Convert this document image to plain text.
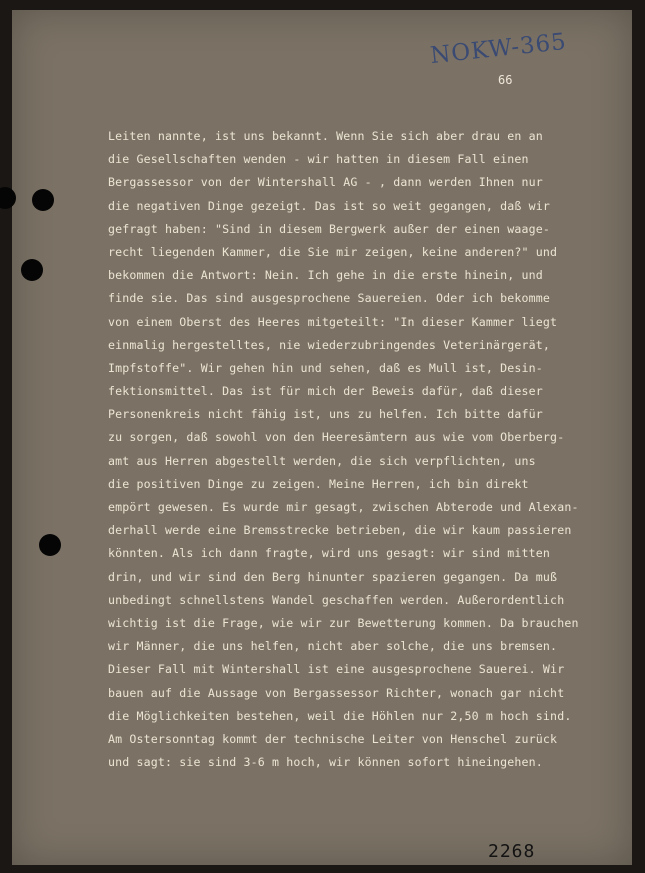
NOKW-365
66
Leiten nannte, ist uns bekannt. Wenn Sie sich aber drau en an
die Gesellschaften wenden - wir hatten in diesem Fall einen
Bergassessor von der Wintershall AG - , dann werden Ihnen nur
die negativen Dinge gezeigt. Das ist so weit gegangen, daß wir
gefragt haben: "Sind in diesem Bergwerk außer der einen waage-
recht liegenden Kammer, die Sie mir zeigen, keine anderen?" und
bekommen die Antwort: Nein. Ich gehe in die erste hinein, und
finde sie. Das sind ausgesprochene Sauereien. Oder ich bekomme
von einem Oberst des Heeres mitgeteilt: "In dieser Kammer liegt
einmalig hergestelltes, nie wiederzubringendes Veterinärgerät,
Impfstoffe". Wir gehen hin und sehen, daß es Mull ist, Desin-
fektionsmittel. Das ist für mich der Beweis dafür, daß dieser
Personenkreis nicht fähig ist, uns zu helfen. Ich bitte dafür
zu sorgen, daß sowohl von den Heeresämtern aus wie vom Oberberg-
amt aus Herren abgestellt werden, die sich verpflichten, uns
die positiven Dinge zu zeigen. Meine Herren, ich bin direkt
empört gewesen. Es wurde mir gesagt, zwischen Abterode und Alexan-
derhall werde eine Bremsstrecke betrieben, die wir kaum passieren
könnten. Als ich dann fragte, wird uns gesagt: wir sind mitten
drin, und wir sind den Berg hinunter spazieren gegangen. Da muß
unbedingt schnellstens Wandel geschaffen werden. Außerordentlich
wichtig ist die Frage, wie wir zur Bewetterung kommen. Da brauchen
wir Männer, die uns helfen, nicht aber solche, die uns bremsen.
Dieser Fall mit Wintershall ist eine ausgesprochene Sauerei. Wir
bauen auf die Aussage von Bergassessor Richter, wonach gar nicht
die Möglichkeiten bestehen, weil die Höhlen nur 2,50 m hoch sind.
Am Ostersonntag kommt der technische Leiter von Henschel zurück
und sagt: sie sind 3-6 m hoch, wir können sofort hineingehen.
2268
